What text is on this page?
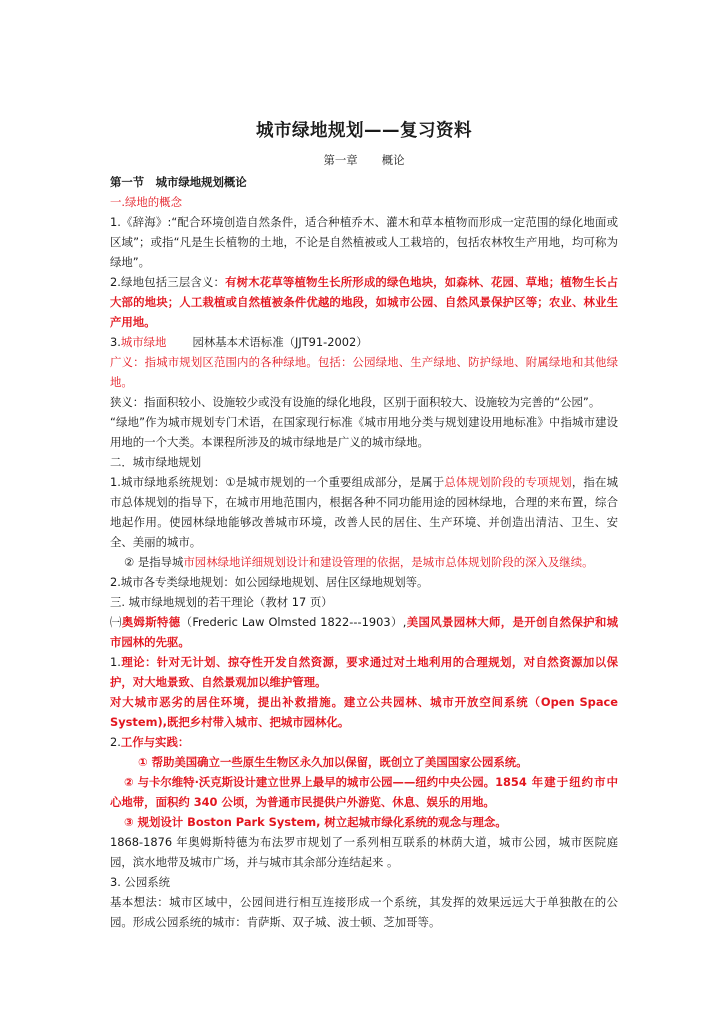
城市绿地规划——复习资料
第一章 概论

第一节　城市绿地规划概论

一.绿地的概念

1.《辞海》:“配合环境创造自然条件，适合种植乔木、灌木和草本植物而形成一定范围的绿化地面或区域”；或指“凡是生长植物的土地，不论是自然植被或人工栽培的，包括农林牧生产用地，均可称为绿地”。

2.绿地包括三层含义：有树木花草等植物生长所形成的绿色地块，如森林、花园、草地；植物生长占大部的地块；人工栽植或自然植被条件优越的地段，如城市公园、自然风景保护区等；农业、林业生产用地。

3.城市绿地 园林基本术语标准（JJT91-2002）

广义：指城市规划区范围内的各种绿地。包括：公园绿地、生产绿地、防护绿地、附属绿地和其他绿地。

狭义：指面积较小、设施较少或没有设施的绿化地段，区别于面积较大、设施较为完善的“公园”。

“绿地”作为城市规划专门术语，在国家现行标准《城市用地分类与规划建设用地标准》中指城市建设用地的一个大类。本课程所涉及的城市绿地是广义的城市绿地。

二．城市绿地规划

1.城市绿地系统规划：①是城市规划的一个重要组成部分，是属于总体规划阶段的专项规划，指在城市总体规划的指导下，在城市用地范围内，根据各种不同功能用途的园林绿地，合理的来布置，综合地起作用。使园林绿地能够改善城市环境，改善人民的居住、生产环境、并创造出清洁、卫生、安全、美丽的城市。

② 是指导城市园林绿地详细规划设计和建设管理的依据，是城市总体规划阶段的深入及继续。

2.城市各专类绿地规划：如公园绿地规划、居住区绿地规划等。

三. 城市绿地规划的若干理论（教材 17 页）

㈠奥姆斯特德（Frederic Law Olmsted 1822---1903）,美国风景园林大师，是开创自然保护和城市园林的先驱。

1.理论：针对无计划、掠夺性开发自然资源，要求通过对土地利用的合理规划，对自然资源加以保护，对大地景致、自然景观加以维护管理。

对大城市恶劣的居住环境，提出补救措施。建立公共园林、城市开放空间系统（Open Space System),既把乡村带入城市、把城市园林化。

2.工作与实践：

① 帮助美国确立一些原生生物区永久加以保留，既创立了美国国家公园系统。

② 与卡尔维特·沃克斯设计建立世界上最早的城市公园——纽约中央公园。1854 年建于纽约市中心地带，面积约 340 公顷，为普通市民提供户外游览、休息、娱乐的用地。

③ 规划设计 Boston Park System, 树立起城市绿化系统的观念与理念。

1868-1876 年奥姆斯特德为布法罗市规划了一系列相互联系的林荫大道，城市公园，城市医院庭园，滨水地带及城市广场，并与城市其余部分连结起来 。

3. 公园系统

基本想法：城市区域中，公园间进行相互连接形成一个系统，其发挥的效果远远大于单独散在的公园。形成公园系统的城市：肯萨斯、双子城、波士顿、芝加哥等。
